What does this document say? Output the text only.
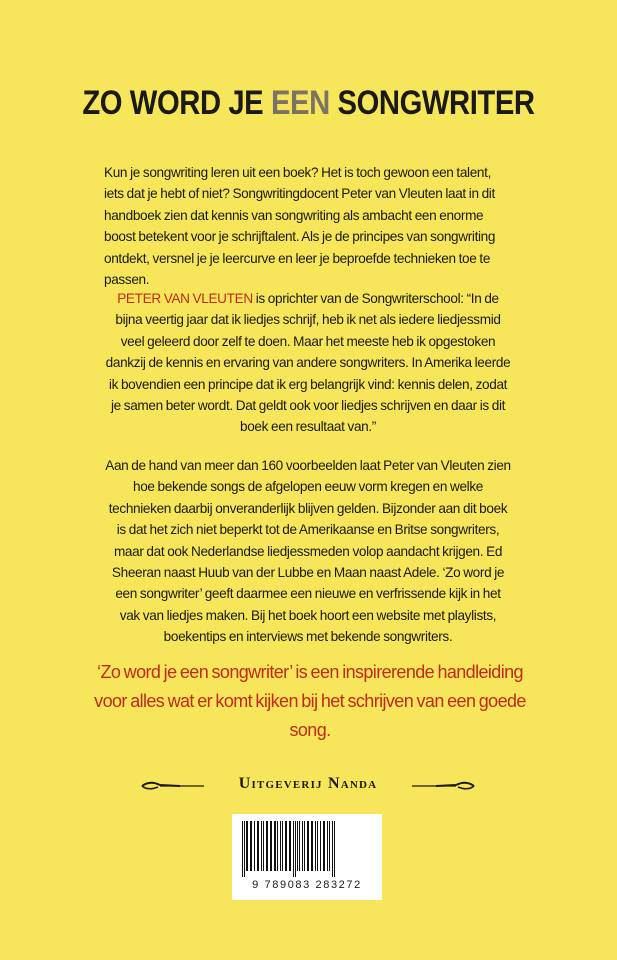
ZO WORD JE EEN SONGWRITER

Kun je songwriting leren uit een boek? Het is toch gewoon een talent, iets dat je hebt of niet? Songwritingdocent Peter van Vleuten laat in dit handboek zien dat kennis van songwriting als ambacht een enorme boost betekent voor je schrijftalent. Als je de principes van songwriting ontdekt, versnel je je leercurve en leer je beproefde technieken toe te passen.

PETER VAN VLEUTEN is oprichter van de Songwriterschool: “In de bijna veertig jaar dat ik liedjes schrijf, heb ik net als iedere liedjessmid veel geleerd door zelf te doen. Maar het meeste heb ik opgestoken dankzij de kennis en ervaring van andere songwriters. In Amerika leerde ik bovendien een principe dat ik erg belangrijk vind: kennis delen, zodat je samen beter wordt. Dat geldt ook voor liedjes schrijven en daar is dit boek een resultaat van.”

Aan de hand van meer dan 160 voorbeelden laat Peter van Vleuten zien hoe bekende songs de afgelopen eeuw vorm kregen en welke technieken daarbij onveranderlijk blijven gelden. Bijzonder aan dit boek is dat het zich niet beperkt tot de Amerikaanse en Britse songwriters, maar dat ook Nederlandse liedjessmeden volop aandacht krijgen. Ed Sheeran naast Huub van der Lubbe en Maan naast Adele. ‘Zo word je een songwriter’ geeft daarmee een nieuwe en verfrissende kijk in het vak van liedjes maken. Bij het boek hoort een website met playlists, boekentips en interviews met bekende songwriters.

‘Zo word je een songwriter’ is een inspirerende handleiding voor alles wat er komt kijken bij het schrijven van een goede song.
Uitgeverij Nanda
9 789083 283272
